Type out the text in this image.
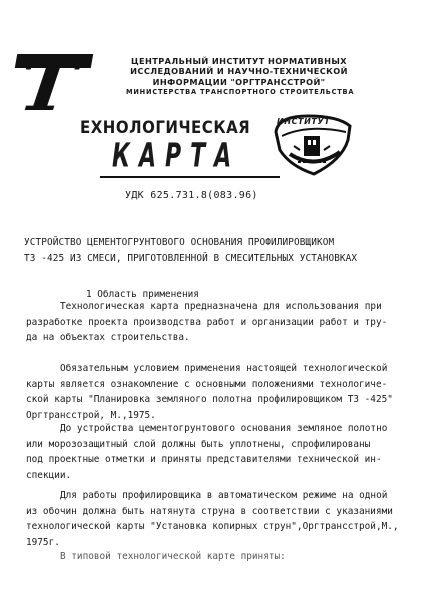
Т	ЦЕНТРАЛЬНЫЙ ИНСТИТУТ НОРМАТИВНЫХ
ИССЛЕДОВАНИЙ И НАУЧНО-ТЕХНИЧЕСКОЙ
ИНФОРМАЦИИ "ОРГТРАНССТРОЙ"
МИНИСТЕРСТВА ТРАНСПОРТНОГО СТРОИТЕЛЬСТВА
ЕХНОЛОГИЧЕСКАЯ
КАРТА
ИНСТИТУТ
УДК 625.731.8(083.96)
УСТРОЙСТВО ЦЕМЕНТОГРУНТОВОГО ОСНОВАНИЯ ПРОФИЛИРОВЩИКОМ
ТЗ -425 ИЗ СМЕСИ, ПРИГОТОВЛЕННОЙ В СМЕСИТЕЛЬНЫХ УСТАНОВКАХ
1 Область применения
Технологическая карта предназначена для использования при
разработке проекта производства работ и организации работ и тру-
да на объектах строительства.
Обязательным условием применения настоящей технологической
карты является ознакомление с основными положениями технологиче-
ской карты "Планировка земляного полотна профилировщиком ТЗ -425"
Оргтрансстрой, М.,1975.
До устройства цементогрунтового основания земляное полотно
или морозозащитный слой должны быть уплотнены, спрофилированы
под проектные отметки и приняты представителями технической ин-
спекции.
Для работы профилировщика в автоматическом режиме на одной
из обочин должна быть натянута струна в соответствии с указаниями
технологической карты "Установка копирных струн",Оргтрансстрой,М.,
1975г.
В типовой технологической карте приняты:
